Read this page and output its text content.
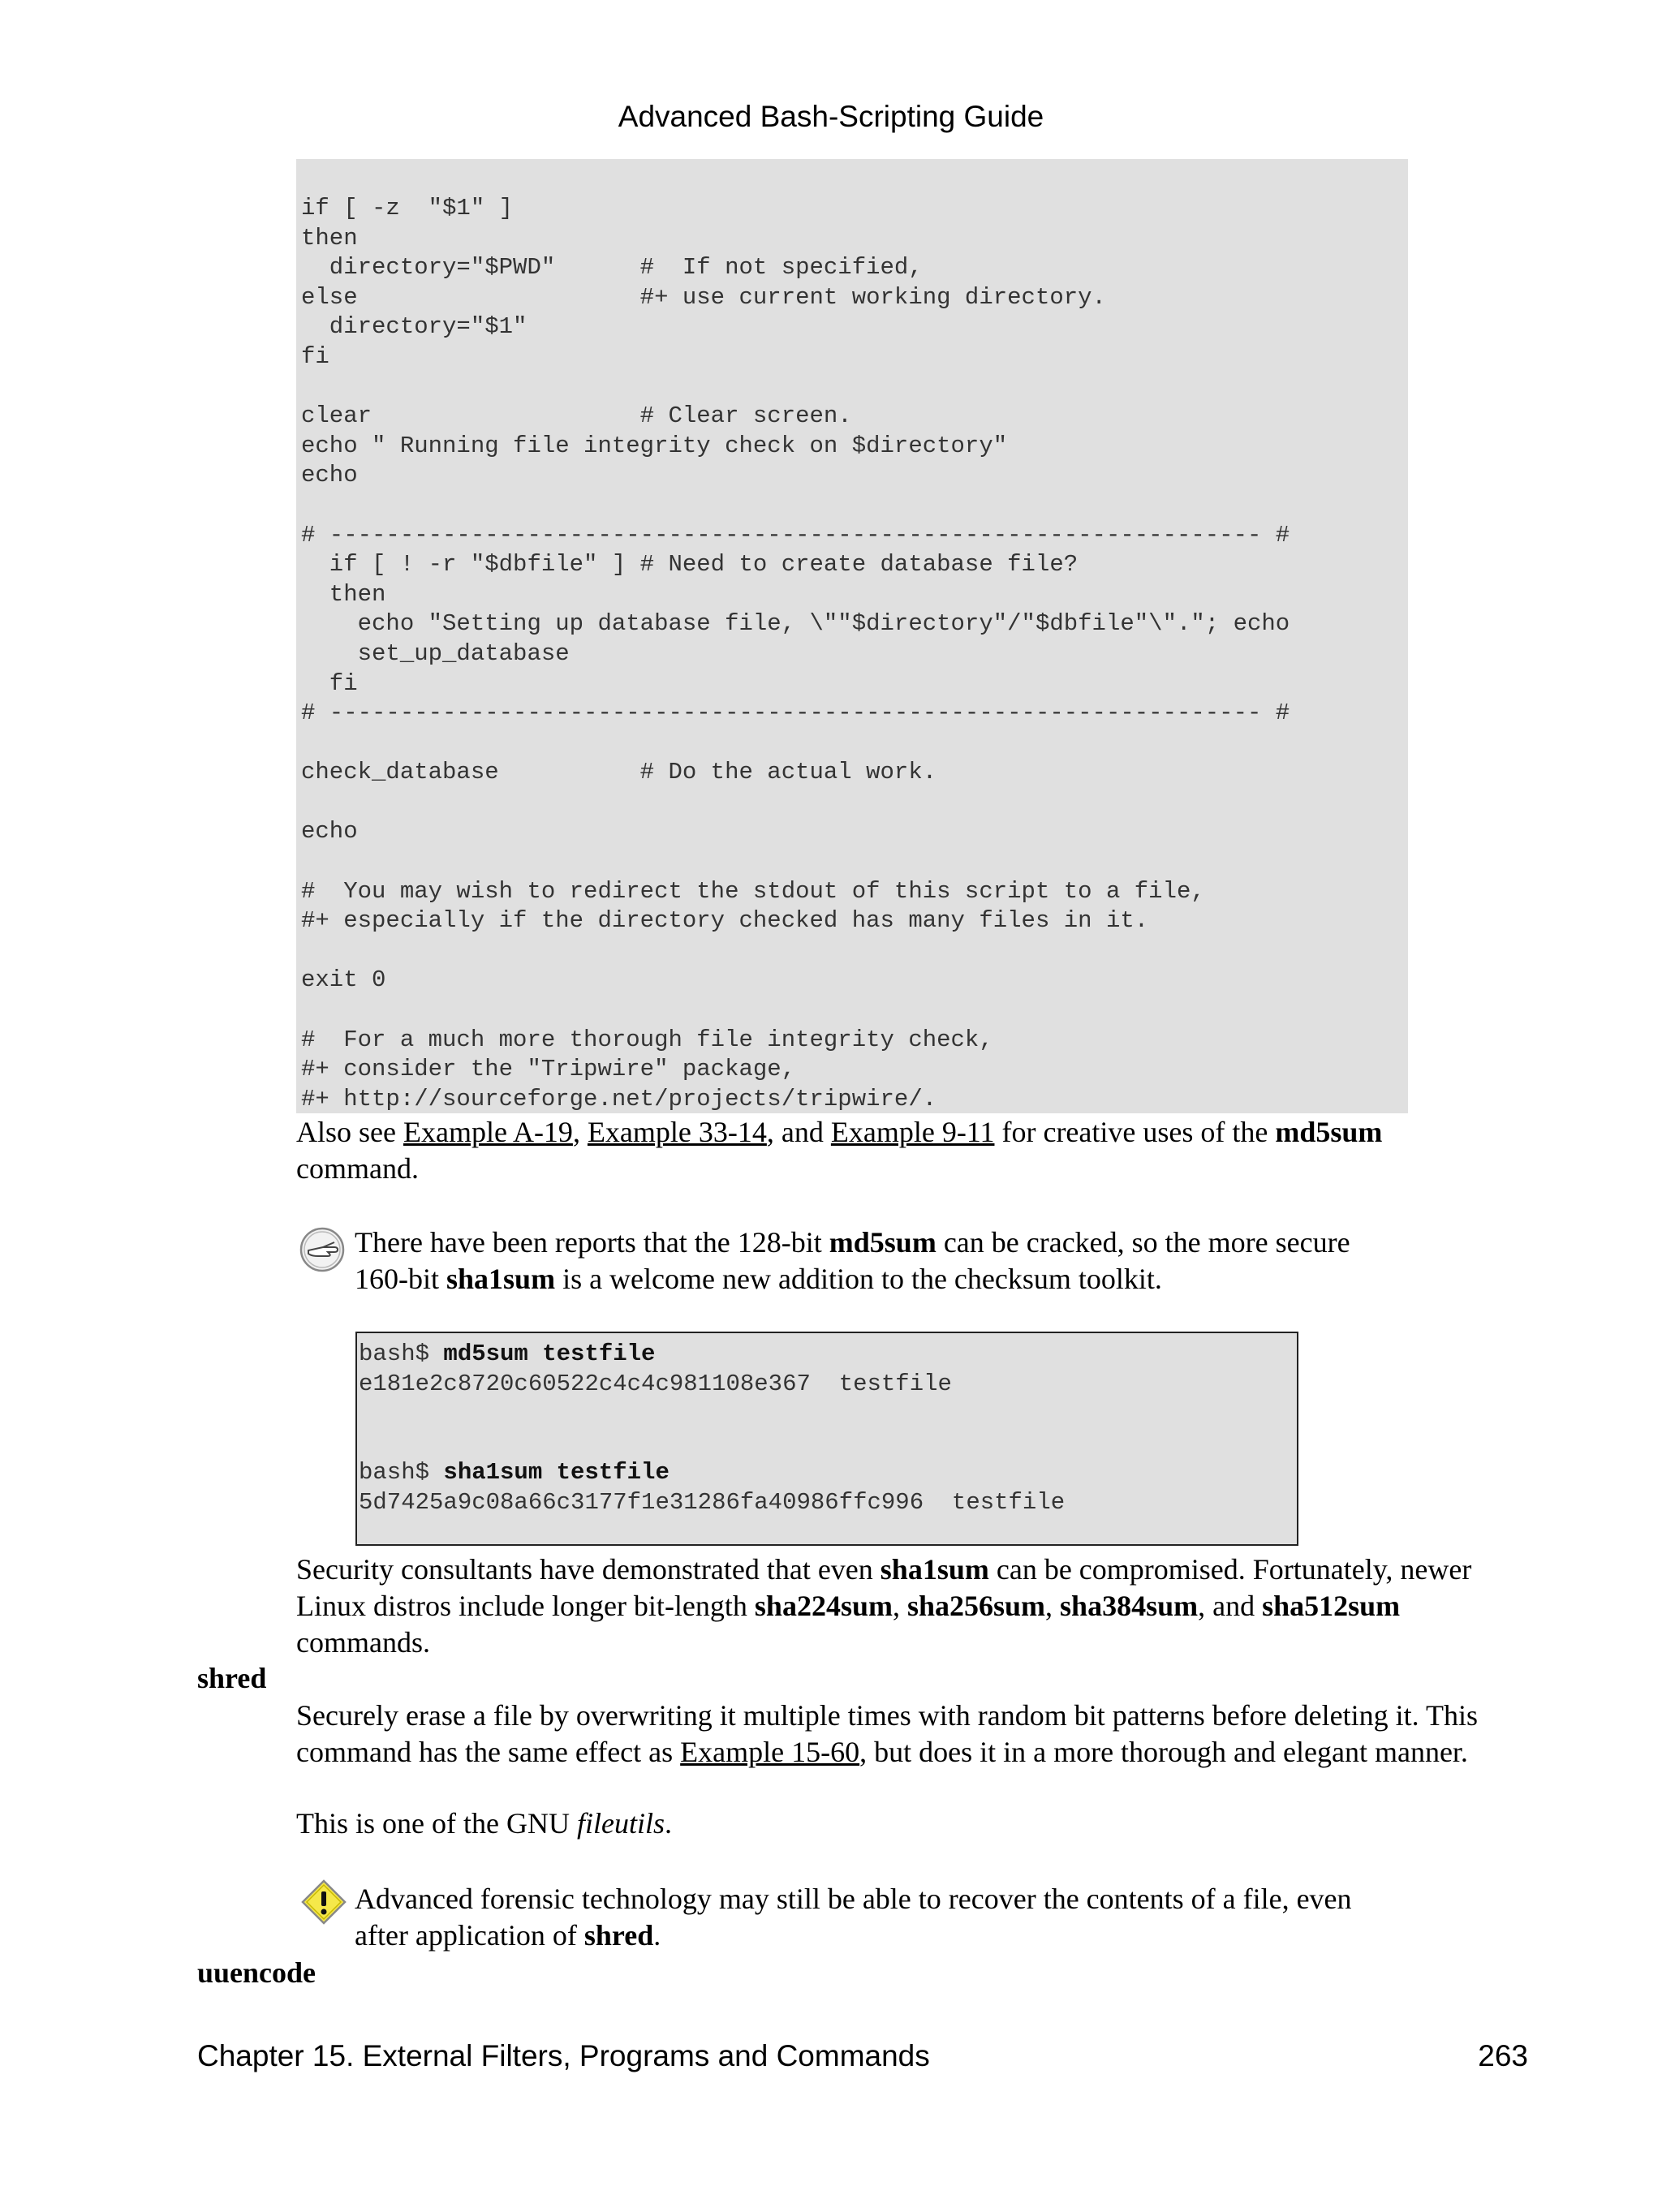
Advanced Bash-Scripting Guide
if [ -z  "$1" ]
then
directory="$PWD"      #  If not specified,
else                    #+ use current working directory.
directory="$1"
fi

clear                   # Clear screen.
echo " Running file integrity check on $directory"
echo

# ------------------------------------------------------------------ #
if [ ! -r "$dbfile" ] # Need to create database file?
then
echo "Setting up database file, \""$directory"/"$dbfile"\"."; echo
set_up_database
fi
# ------------------------------------------------------------------ #

check_database          # Do the actual work.

echo

#  You may wish to redirect the stdout of this script to a file,
#+ especially if the directory checked has many files in it.

exit 0

#  For a much more thorough file integrity check,
#+ consider the "Tripwire" package,
#+ http://sourceforge.net/projects/tripwire/.
Also see Example A-19, Example 33-14, and Example 9-11 for creative uses of the md5sum
command.
There have been reports that the 128-bit md5sum can be cracked, so the more secure
160-bit sha1sum is a welcome new addition to the checksum toolkit.
bash$ md5sum testfile
e181e2c8720c60522c4c4c981108e367  testfile

bash$ sha1sum testfile
5d7425a9c08a66c3177f1e31286fa40986ffc996  testfile
Security consultants have demonstrated that even sha1sum can be compromised. Fortunately, newer
Linux distros include longer bit-length sha224sum, sha256sum, sha384sum, and sha512sum
commands.
shred
Securely erase a file by overwriting it multiple times with random bit patterns before deleting it. This
command has the same effect as Example 15-60, but does it in a more thorough and elegant manner.
This is one of the GNU fileutils.
Advanced forensic technology may still be able to recover the contents of a file, even
after application of shred.
uuencode
Chapter 15. External Filters, Programs and Commands	263
